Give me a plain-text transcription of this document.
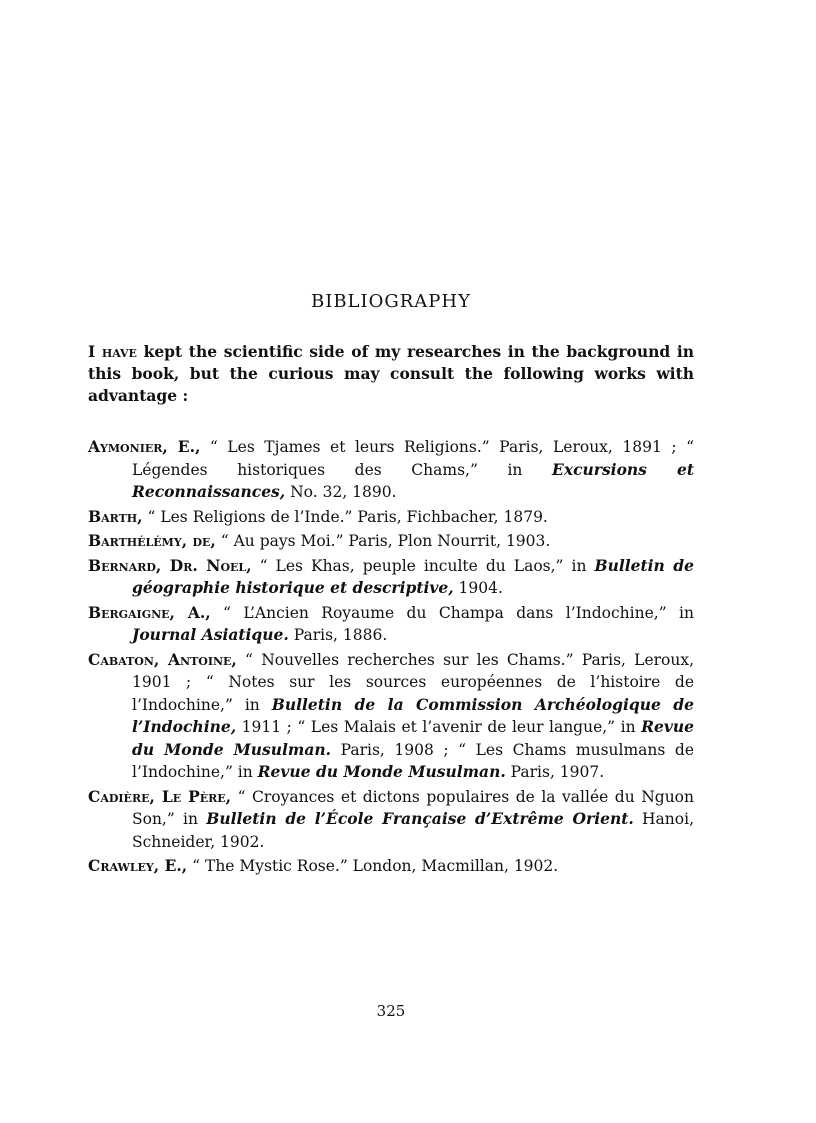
BIBLIOGRAPHY

I have kept the scientific side of my researches in the background in this book, but the curious may consult the following works with advantage :

Aymonier, E., “ Les Tjames et leurs Religions.” Paris, Leroux, 1891 ; “ Légendes historiques des Chams,” in Excursions et Reconnaissances, No. 32, 1890.
Barth, “ Les Religions de l’Inde.” Paris, Fichbacher, 1879.
Barthélémy, de, “ Au pays Moi.” Paris, Plon Nourrit, 1903.
Bernard, Dr. Noel, “ Les Khas, peuple inculte du Laos,” in Bulletin de géographie historique et descriptive, 1904.
Bergaigne, A., “ L’Ancien Royaume du Champa dans l’Indochine,” in Journal Asiatique. Paris, 1886.
Cabaton, Antoine, “ Nouvelles recherches sur les Chams.” Paris, Leroux, 1901 ; “ Notes sur les sources européennes de l’histoire de l’Indochine,” in Bulletin de la Commission Archéologique de l’Indochine, 1911 ; “ Les Malais et l’avenir de leur langue,” in Revue du Monde Musulman. Paris, 1908 ; “ Les Chams musulmans de l’Indochine,” in Revue du Monde Musulman. Paris, 1907.
Cadière, Le Père, “ Croyances et dictons populaires de la vallée du Nguon Son,” in Bulletin de l’École Française d’Extrême Orient. Hanoi, Schneider, 1902.
Crawley, E., “ The Mystic Rose.” London, Macmillan, 1902.
325
